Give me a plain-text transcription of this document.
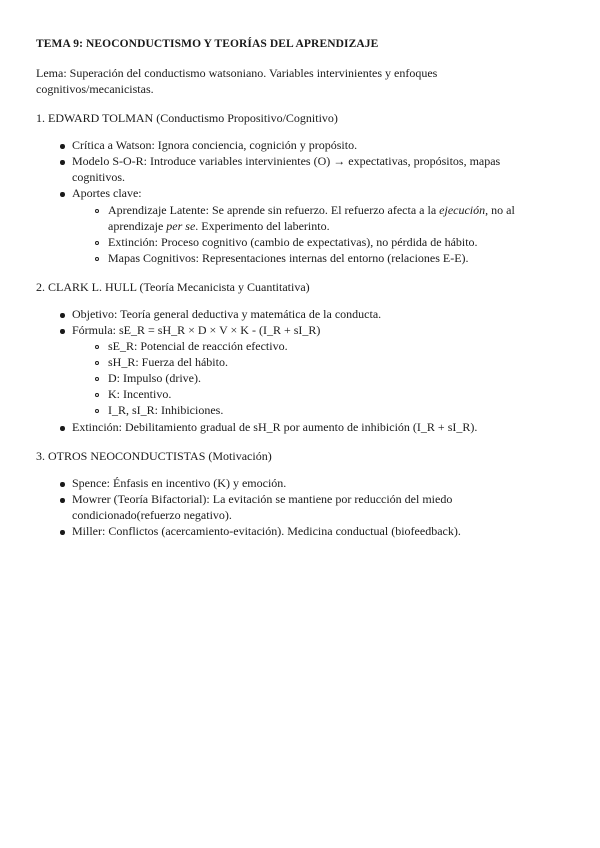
TEMA 9: NEOCONDUCTISMO Y TEORÍAS DEL APRENDIZAJE
Lema: Superación del conductismo watsoniano. Variables intervinientes y enfoques
cognitivos/mecanicistas.
1. EDWARD TOLMAN (Conductismo Propositivo/Cognitivo)
Crítica a Watson: Ignora conciencia, cognición y propósito.
Modelo S-O-R: Introduce variables intervinientes (O) → expectativas, propósitos, mapas
cognitivos.
Aportes clave:
Aprendizaje Latente: Se aprende sin refuerzo. El refuerzo afecta a la ejecución, no al
aprendizaje per se. Experimento del laberinto.
Extinción: Proceso cognitivo (cambio de expectativas), no pérdida de hábito.
Mapas Cognitivos: Representaciones internas del entorno (relaciones E-E).
2. CLARK L. HULL (Teoría Mecanicista y Cuantitativa)
Objetivo: Teoría general deductiva y matemática de la conducta.
Fórmula: sE_R = sH_R × D × V × K - (I_R + sI_R)
sE_R: Potencial de reacción efectivo.
sH_R: Fuerza del hábito.
D: Impulso (drive).
K: Incentivo.
I_R, sI_R: Inhibiciones.
Extinción: Debilitamiento gradual de sH_R por aumento de inhibición (I_R + sI_R).
3. OTROS NEOCONDUCTISTAS (Motivación)
Spence: Énfasis en incentivo (K) y emoción.
Mowrer (Teoría Bifactorial): La evitación se mantiene por reducción del miedo
condicionado(refuerzo negativo).
Miller: Conflictos (acercamiento-evitación). Medicina conductual (biofeedback).
